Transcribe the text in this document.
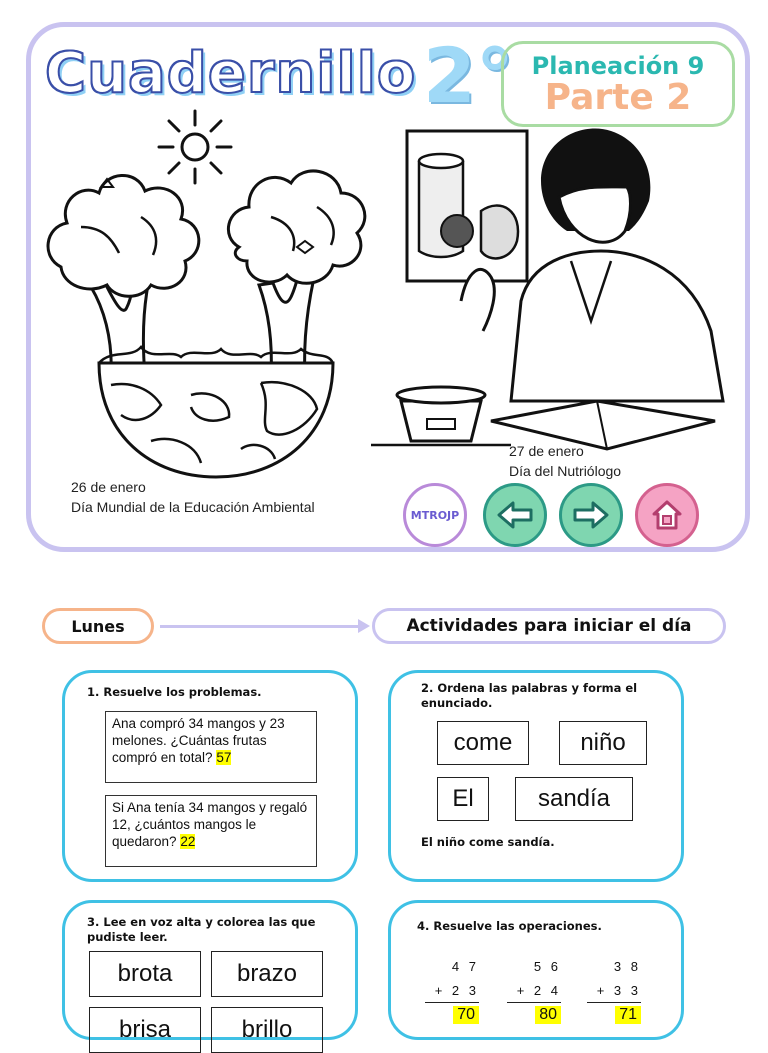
Cuadernillo 2° Planeación 9
Parte 2
26 de enero
Día Mundial de la Educación Ambiental
27 de enero
Día del Nutriólogo
MTROJP
Lunes	Actividades para iniciar el día
1. Resuelve los problemas.
Ana compró 34 mangos y 23 melones. ¿Cuántas frutas compró en total? 57
Si Ana tenía 34 mangos y regaló 12, ¿cuántos mangos le quedaron? 22
2. Ordena las palabras y forma el enunciado.
come	niño
El	sandía
El niño come sandía.
3. Lee en voz alta y colorea las que pudiste leer.
brota	brazo
brisa	brillo
4. Resuelve las operaciones.
4 7
+ 2 3
70
5 6
+ 2 4
80
3 8
+ 3 3
71
